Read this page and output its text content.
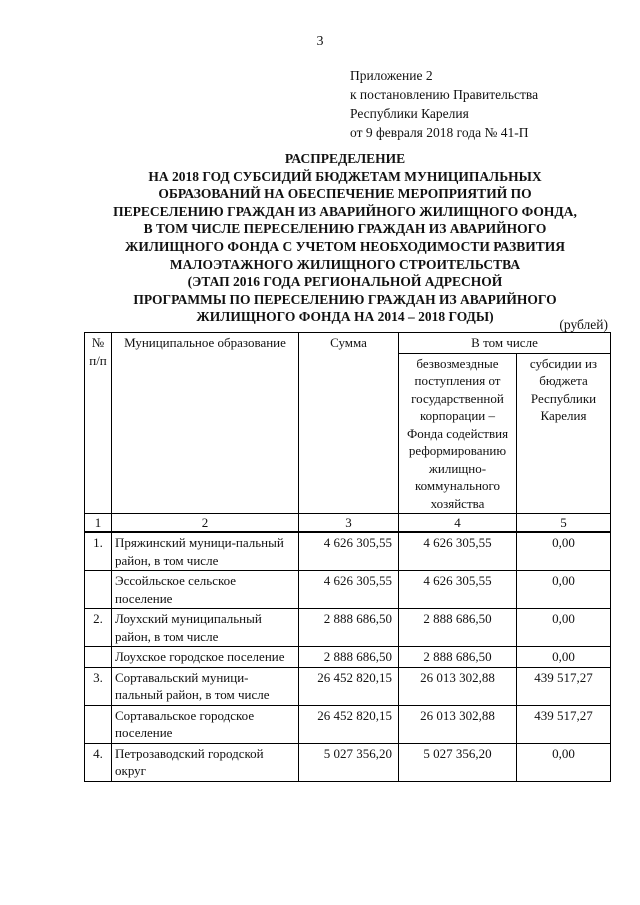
3
Приложение 2
к постановлению Правительства
Республики Карелия
от 9 февраля 2018 года № 41-П
РАСПРЕДЕЛЕНИЕ
НА 2018 ГОД СУБСИДИЙ БЮДЖЕТАМ МУНИЦИПАЛЬНЫХ
ОБРАЗОВАНИЙ НА ОБЕСПЕЧЕНИЕ МЕРОПРИЯТИЙ ПО
ПЕРЕСЕЛЕНИЮ ГРАЖДАН ИЗ АВАРИЙНОГО ЖИЛИЩНОГО ФОНДА,
В ТОМ ЧИСЛЕ ПЕРЕСЕЛЕНИЮ ГРАЖДАН ИЗ АВАРИЙНОГО
ЖИЛИЩНОГО ФОНДА С УЧЕТОМ НЕОБХОДИМОСТИ РАЗВИТИЯ
МАЛОЭТАЖНОГО ЖИЛИЩНОГО СТРОИТЕЛЬСТВА
(ЭТАП 2016 ГОДА РЕГИОНАЛЬНОЙ АДРЕСНОЙ
ПРОГРАММЫ ПО ПЕРЕСЕЛЕНИЮ ГРАЖДАН ИЗ АВАРИЙНОГО
ЖИЛИЩНОГО ФОНДА НА 2014 – 2018 ГОДЫ)
(рублей)
№ п/п	Муниципальное образование	Сумма	В том числе	
			безвозмездные поступления от государственной корпорации – Фонда содействия реформированию жилищно-коммунального хозяйства	субсидии из бюджета Республики Карелия
1	2	3	4	5
1.	Пряжинский муници-пальный район, в том числе	4 626 305,55	4 626 305,55	0,00
	Эссойльское сельское поселение	4 626 305,55	4 626 305,55	0,00
2.	Лоухский муниципальный район, в том числе	2 888 686,50	2 888 686,50	0,00
	Лоухское городское поселение	2 888 686,50	2 888 686,50	0,00
3.	Сортавальский муници-пальный район, в том числе	26 452 820,15	26 013 302,88	439 517,27
	Сортавальское городское поселение	26 452 820,15	26 013 302,88	439 517,27
4.	Петрозаводский городской округ	5 027 356,20	5 027 356,20	0,00
